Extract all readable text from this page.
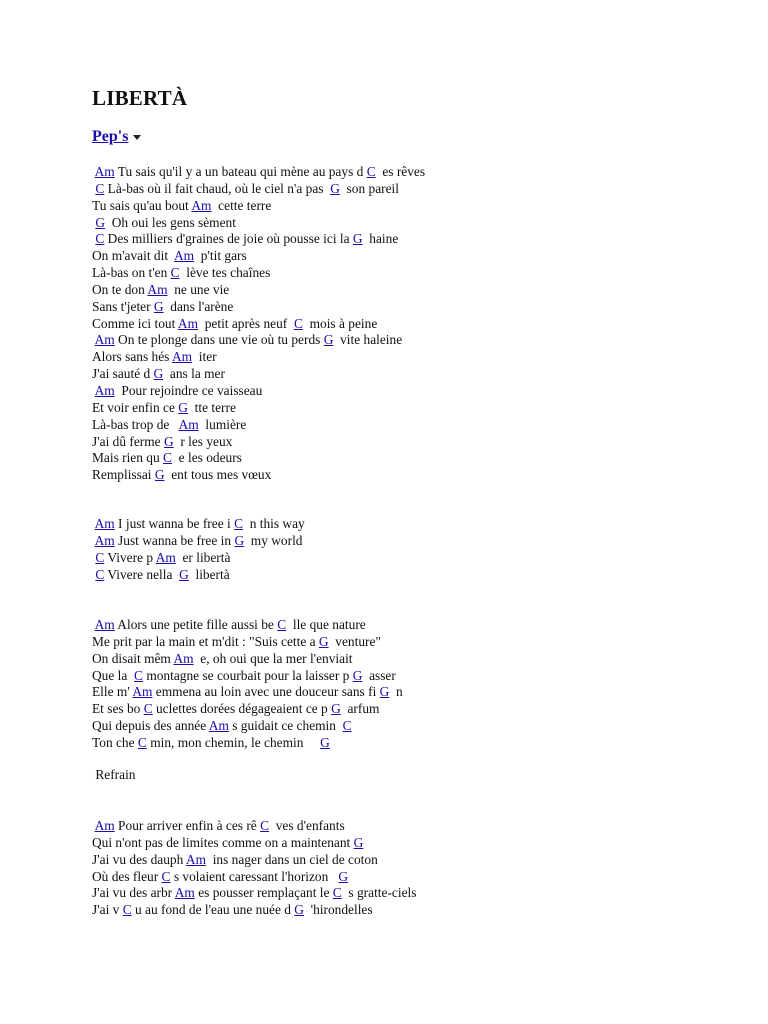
LIBERTÀ
Pep's
Am Tu sais qu'il y a un bateau qui mène au pays d C  es rêves
C Là-bas où il fait chaud, où le ciel n'a pas  G  son pareil
Tu sais qu'au bout Am  cette terre
G  Oh oui les gens sèment
C Des milliers d'graines de joie où pousse ici la G  haine
On m'avait dit  Am  p'tit gars
Là-bas on t'en C  lève tes chaînes
On te don Am  ne une vie
Sans t'jeter G  dans l'arène
Comme ici tout Am  petit après neuf  C  mois à peine
Am On te plonge dans une vie où tu perds G  vite haleine
Alors sans hés Am  iter
J'ai sauté d G  ans la mer
Am  Pour rejoindre ce vaisseau
Et voir enfin ce G  tte terre
Là-bas trop de   Am  lumière
J'ai dû ferme G  r les yeux
Mais rien qu C  e les odeurs
Remplissai G  ent tous mes vœux
Am I just wanna be free i C  n this way
Am Just wanna be free in G  my world
C Vivere p Am  er libertà
C Vivere nella  G  libertà
Am Alors une petite fille aussi be C  lle que nature
Me prit par la main et m'dit : "Suis cette a G  venture"
On disait mêm Am  e, oh oui que la mer l'enviait
Que la  C montagne se courbait pour la laisser p G  asser
Elle m' Am emmena au loin avec une douceur sans fi G  n
Et ses bo C uclettes dorées dégageaient ce p G  arfum
Qui depuis des année Am s guidait ce chemin  C
Ton che C min, mon chemin, le chemin     G
Refrain
Am Pour arriver enfin à ces rê C  ves d'enfants
Qui n'ont pas de limites comme on a maintenant G
J'ai vu des dauph Am  ins nager dans un ciel de coton
Où des fleur C s volaient caressant l'horizon   G
J'ai vu des arbr Am es pousser remplaçant le C  s gratte-ciels
J'ai v C u au fond de l'eau une nuée d G  'hirondelles
